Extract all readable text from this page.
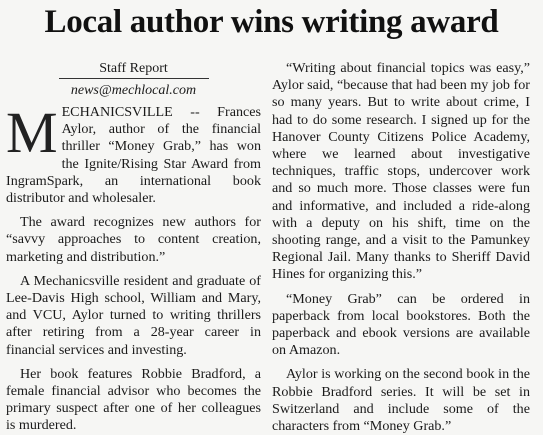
Local author wins writing award
Staff Report
news@mechlocal.com

MECHANICSVILLE -- Frances Aylor, author of the financial thriller “Money Grab,” has won the Ignite/Rising Star Award from IngramSpark, an international book distributor and wholesaler.

The award recognizes new authors for “savvy approaches to content creation, marketing and distribution.”

A Mechanicsville resident and graduate of Lee-Davis High school, William and Mary, and VCU, Aylor turned to writing thrillers after retiring from a 28-year career in financial services and investing.

Her book features Robbie Bradford, a female financial advisor who becomes the primary suspect after one of her colleagues is murdered.

“Writing about financial topics was easy,” Aylor said, “because that had been my job for so many years. But to write about crime, I had to do some research. I signed up for the Hanover County Citizens Police Academy, where we learned about investigative techniques, traffic stops, undercover work and so much more. Those classes were fun and informative, and included a ride-along with a deputy on his shift, time on the shooting range, and a visit to the Pamunkey Regional Jail. Many thanks to Sheriff David Hines for organizing this.”

“Money Grab” can be ordered in paperback from local bookstores. Both the paperback and ebook versions are available on Amazon.

Aylor is working on the second book in the Robbie Bradford series. It will be set in Switzerland and include some of the characters from “Money Grab.”
